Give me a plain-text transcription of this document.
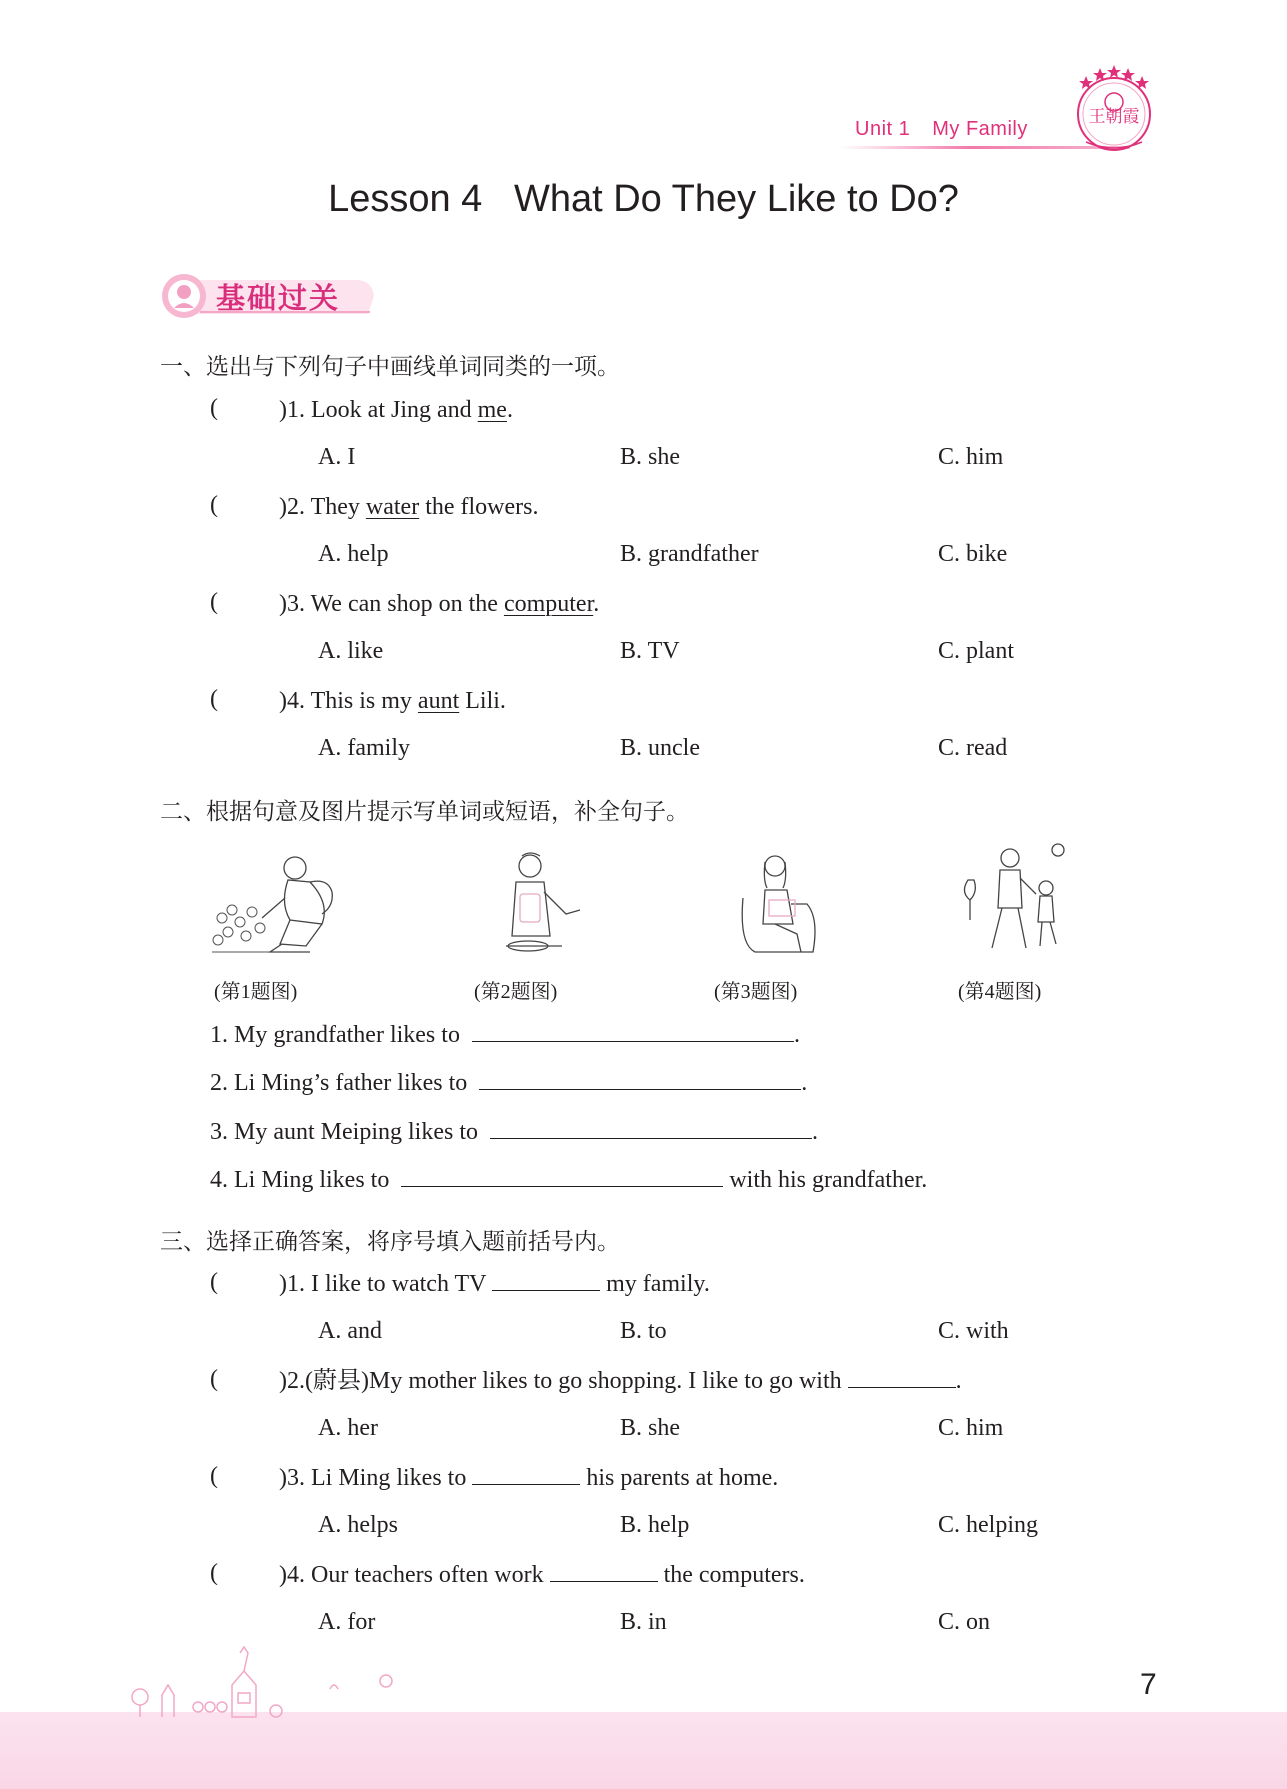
Unit 1 My Family
王朝霞
Lesson 4   What Do They Like to Do?
基础过关
一、选出与下列句子中画线单词同类的一项。
(	)1. Look at Jing and me.
A. I	B. she	C. him
(	)2. They water the flowers.
A. help	B. grandfather	C. bike
(	)3. We can shop on the computer.
A. like	B. TV	C. plant
(	)4. This is my aunt Lili.
A. family	B. uncle	C. read
二、根据句意及图片提示写单词或短语，补全句子。
(第1题图)	(第2题图)	(第3题图)	(第4题图)
1. My grandfather likes to	.
2. Li Ming’s father likes to	.
3. My aunt Meiping likes to	.
4. Li Ming likes to	with his grandfather.
三、选择正确答案，将序号填入题前括号内。
(	)1. I like to watch TV	my family.
A. and	B. to	C. with
(	)2.(蔚县)My mother likes to go shopping. I like to go with	.
A. her	B. she	C. him
(	)3. Li Ming likes to	his parents at home.
A. helps	B. help	C. helping
(	)4. Our teachers often work	the computers.
A. for	B. in	C. on
7
